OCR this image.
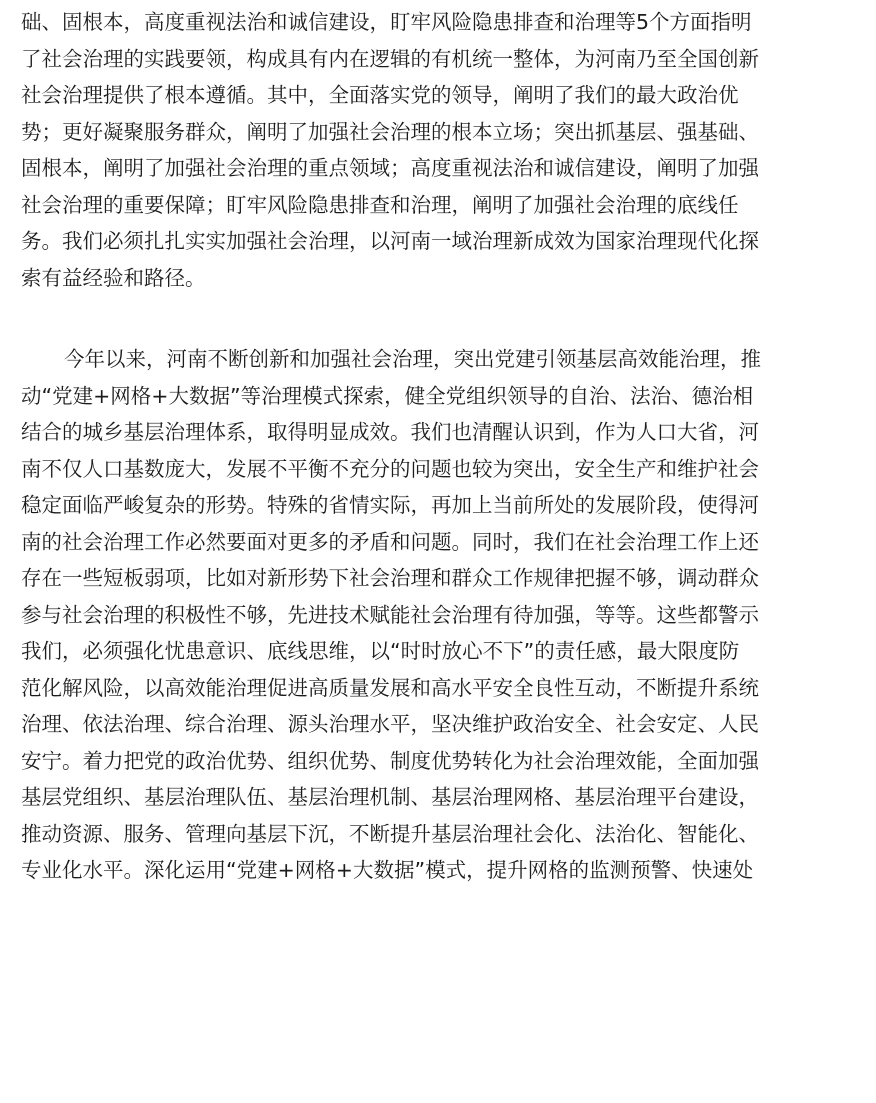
础、固根本，高度重视法治和诚信建设，盯牢风险隐患排查和治理等5个方面指明
了社会治理的实践要领，构成具有内在逻辑的有机统一整体，为河南乃至全国创新
社会治理提供了根本遵循。其中，全面落实党的领导，阐明了我们的最大政治优
势；更好凝聚服务群众，阐明了加强社会治理的根本立场；突出抓基层、强基础、
固根本，阐明了加强社会治理的重点领域；高度重视法治和诚信建设，阐明了加强
社会治理的重要保障；盯牢风险隐患排查和治理，阐明了加强社会治理的底线任
务。我们必须扎扎实实加强社会治理，以河南一域治理新成效为国家治理现代化探
索有益经验和路径。

今年以来，河南不断创新和加强社会治理，突出党建引领基层高效能治理，推
动“党建+网格+大数据”等治理模式探索，健全党组织领导的自治、法治、德治相
结合的城乡基层治理体系，取得明显成效。我们也清醒认识到，作为人口大省，河
南不仅人口基数庞大，发展不平衡不充分的问题也较为突出，安全生产和维护社会
稳定面临严峻复杂的形势。特殊的省情实际，再加上当前所处的发展阶段，使得河
南的社会治理工作必然要面对更多的矛盾和问题。同时，我们在社会治理工作上还
存在一些短板弱项，比如对新形势下社会治理和群众工作规律把握不够，调动群众
参与社会治理的积极性不够，先进技术赋能社会治理有待加强，等等。这些都警示
我们，必须强化忧患意识、底线思维，以“时时放心不下”的责任感，最大限度防
范化解风险，以高效能治理促进高质量发展和高水平安全良性互动，不断提升系统
治理、依法治理、综合治理、源头治理水平，坚决维护政治安全、社会安定、人民
安宁。着力把党的政治优势、组织优势、制度优势转化为社会治理效能，全面加强
基层党组织、基层治理队伍、基层治理机制、基层治理网格、基层治理平台建设，
推动资源、服务、管理向基层下沉，不断提升基层治理社会化、法治化、智能化、
专业化水平。深化运用“党建+网格+大数据”模式，提升网格的监测预警、快速处
